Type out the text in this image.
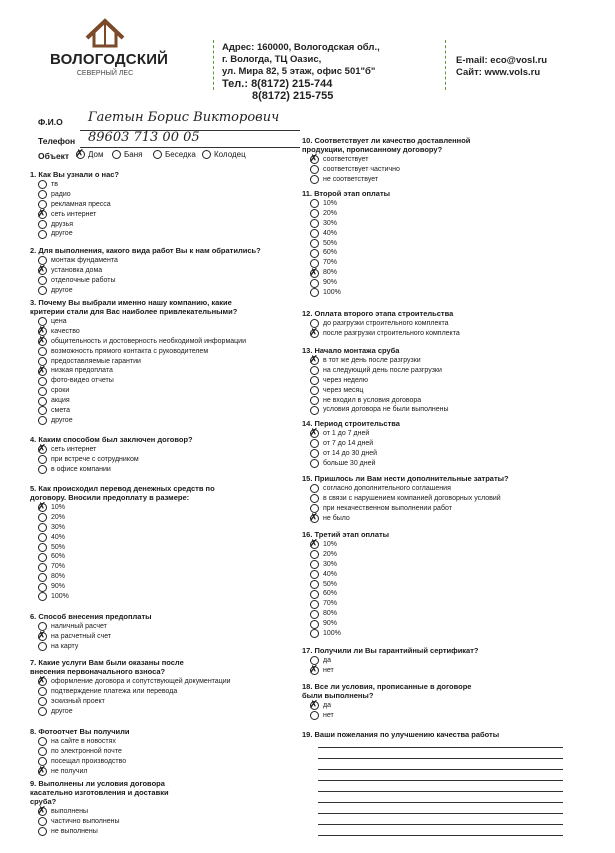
ВОЛОГОДСКИЙ
СЕВЕРНЫЙ ЛЕС
Адрес: 160000, Вологодская обл.,
г. Вологда, ТЦ Оазис,
ул. Мира 82, 5 этаж, офис 501"б"
Тел.: 8(8172) 215-744
8(8172) 215-755
E-mail: eco@vosl.ru
Сайт: www.vols.ru
Ф.И.О Гаетын Борис Викторович
Телефон 89603 713 00 05
Объект ✗ Дом	Баня	Беседка Колодец
1. Как Вы узнали о нас?
тв
радио
рекламная пресса
✗ сеть интернет
друзья
другое
2. Для выполнения, какого вида работ Вы к нам обратились?
монтаж фундамента
✗ установка дома
отделочные работы
другое
3. Почему Вы выбрали именно нашу компанию, какие критерии стали для Вас наиболее привлекательными?
цена
✗ качество
✗ общительность и достоверность необходимой информации
возможность прямого контакта с руководителем
предоставляемые гарантии
✗ низкая предоплата
фото-видео отчеты
сроки
акция
смета
другое
4. Каким способом был заключен договор?
✗ сеть интернет
при встрече с сотрудником
в офисе компании
5. Как происходил перевод денежных средств по договору. Вносили предоплату в размере:
✗ 10%
20%
30%
40%
50%
60%
70%
80%
90%
100%
6. Способ внесения предоплаты
наличный расчет
✗ на расчетный счет
на карту
7. Какие услуги Вам были оказаны после внесения первоначального взноса?
✗ оформление договора и сопутствующей документации
подтверждение платежа или перевода
эскизный проект
другое
8. Фотоотчет Вы получили
на сайте в новостях
по электронной почте
посещал производство
✗ не получил
9. Выполнены ли условия договора касательно изготовления и доставки сруба?
✗ выполнены
частично выполнены
не выполнены
10. Соответствует ли качество доставленной продукции, прописанному договору?
✗ соответствует
соответствует частично
не соответствует
11. Второй этап оплаты
10%
20%
30%
40%
50%
60%
70%
✗ 80%
90%
100%
12. Оплата второго этапа строительства
до разгрузки строительного комплекта
✗ после разгрузки строительного комплекта
13. Начало монтажа сруба
✗ в тот же день после разгрузки
на следующий день после разгрузки
через неделю
через месяц
не входил в условия договора
условия договора не были выполнены
14. Период строительства
✗ от 1 до 7 дней
от 7 до 14 дней
от 14 до 30 дней
больше 30 дней
15. Пришлось ли Вам нести дополнительные затраты?
согласно дополнительного соглашения
в связи с нарушением компанией договорных условий
при некачественном выполнении работ
✗ не было
16. Третий этап оплаты
✗ 10%
20%
30%
40%
50%
60%
70%
80%
90%
100%
17. Получили ли Вы гарантийный сертификат?
да
✗ нет
18. Все ли условия, прописанные в договоре были выполнены?
✗ да
нет
19. Ваши пожелания по улучшению качества работы
